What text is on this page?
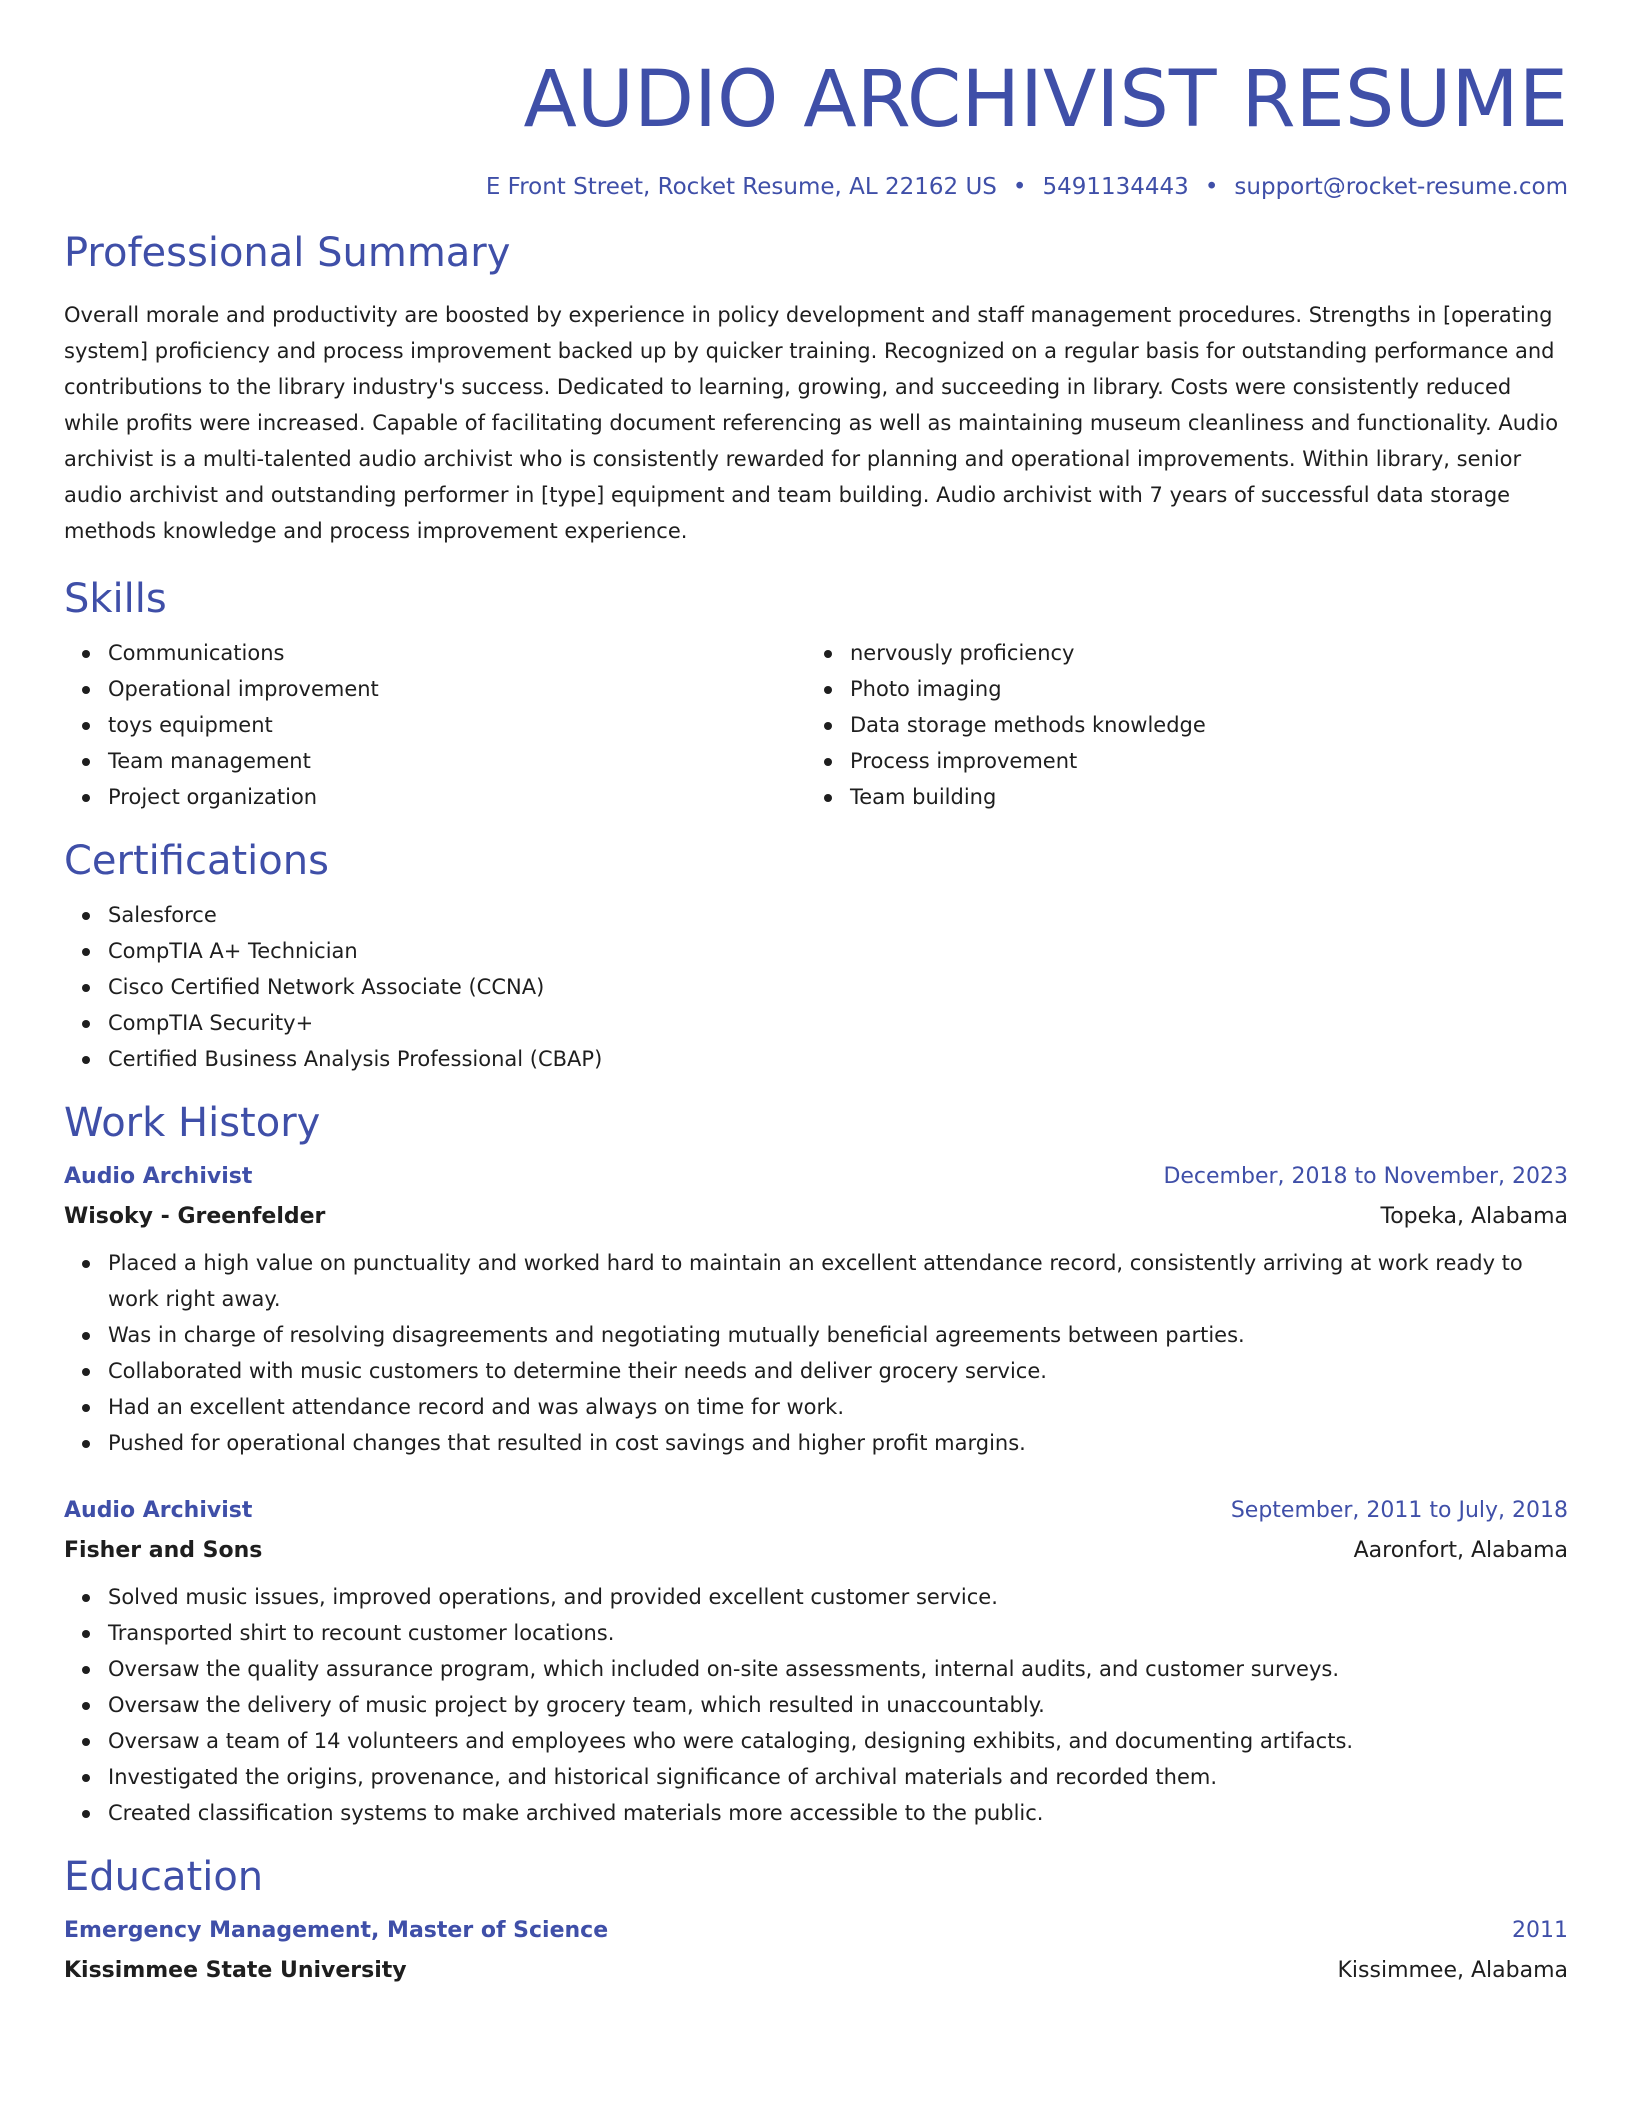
AUDIO ARCHIVIST RESUME
E Front Street, Rocket Resume, AL 22162 US • 5491134443 • support@rocket-resume.com
Professional Summary
Overall morale and productivity are boosted by experience in policy development and staff management procedures. Strengths in [operating system] proficiency and process improvement backed up by quicker training. Recognized on a regular basis for outstanding performance and contributions to the library industry's success. Dedicated to learning, growing, and succeeding in library. Costs were consistently reduced while profits were increased. Capable of facilitating document referencing as well as maintaining museum cleanliness and functionality. Audio archivist is a multi-talented audio archivist who is consistently rewarded for planning and operational improvements. Within library, senior audio archivist and outstanding performer in [type] equipment and team building. Audio archivist with 7 years of successful data storage methods knowledge and process improvement experience.
Skills
Communications
Operational improvement
toys equipment
Team management
Project organization
nervously proficiency
Photo imaging
Data storage methods knowledge
Process improvement
Team building
Certifications
Salesforce
CompTIA A+ Technician
Cisco Certified Network Associate (CCNA)
CompTIA Security+
Certified Business Analysis Professional (CBAP)
Work History
Audio Archivist	December, 2018 to November, 2023
Wisoky - Greenfelder	Topeka, Alabama
Placed a high value on punctuality and worked hard to maintain an excellent attendance record, consistently arriving at work ready to work right away.
Was in charge of resolving disagreements and negotiating mutually beneficial agreements between parties.
Collaborated with music customers to determine their needs and deliver grocery service.
Had an excellent attendance record and was always on time for work.
Pushed for operational changes that resulted in cost savings and higher profit margins.
Audio Archivist	September, 2011 to July, 2018
Fisher and Sons	Aaronfort, Alabama
Solved music issues, improved operations, and provided excellent customer service.
Transported shirt to recount customer locations.
Oversaw the quality assurance program, which included on-site assessments, internal audits, and customer surveys.
Oversaw the delivery of music project by grocery team, which resulted in unaccountably.
Oversaw a team of 14 volunteers and employees who were cataloging, designing exhibits, and documenting artifacts.
Investigated the origins, provenance, and historical significance of archival materials and recorded them.
Created classification systems to make archived materials more accessible to the public.
Education
Emergency Management, Master of Science	2011
Kissimmee State University	Kissimmee, Alabama
